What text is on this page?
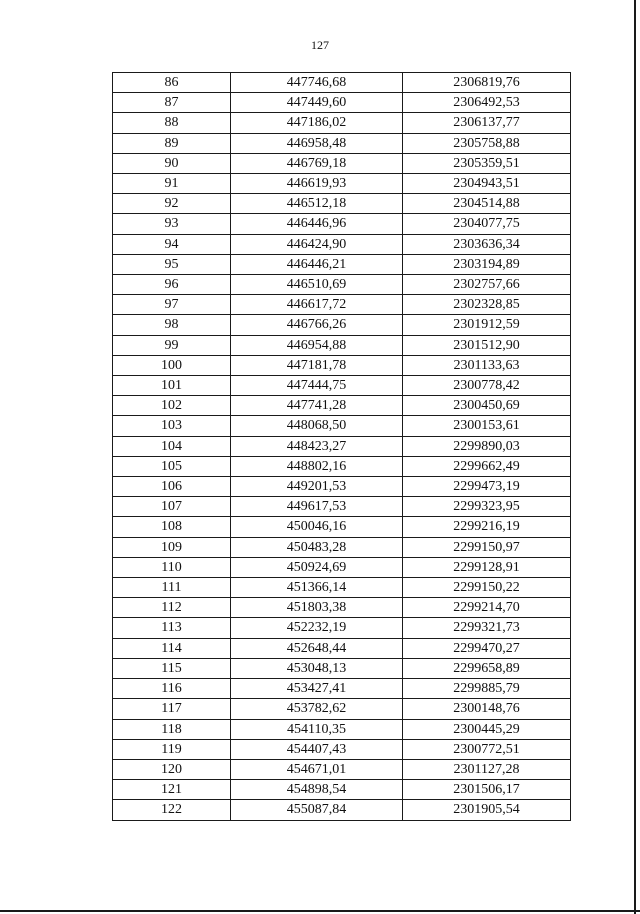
127
86	447746,68	2306819,76
87	447449,60	2306492,53
88	447186,02	2306137,77
89	446958,48	2305758,88
90	446769,18	2305359,51
91	446619,93	2304943,51
92	446512,18	2304514,88
93	446446,96	2304077,75
94	446424,90	2303636,34
95	446446,21	2303194,89
96	446510,69	2302757,66
97	446617,72	2302328,85
98	446766,26	2301912,59
99	446954,88	2301512,90
100	447181,78	2301133,63
101	447444,75	2300778,42
102	447741,28	2300450,69
103	448068,50	2300153,61
104	448423,27	2299890,03
105	448802,16	2299662,49
106	449201,53	2299473,19
107	449617,53	2299323,95
108	450046,16	2299216,19
109	450483,28	2299150,97
110	450924,69	2299128,91
111	451366,14	2299150,22
112	451803,38	2299214,70
113	452232,19	2299321,73
114	452648,44	2299470,27
115	453048,13	2299658,89
116	453427,41	2299885,79
117	453782,62	2300148,76
118	454110,35	2300445,29
119	454407,43	2300772,51
120	454671,01	2301127,28
121	454898,54	2301506,17
122	455087,84	2301905,54
